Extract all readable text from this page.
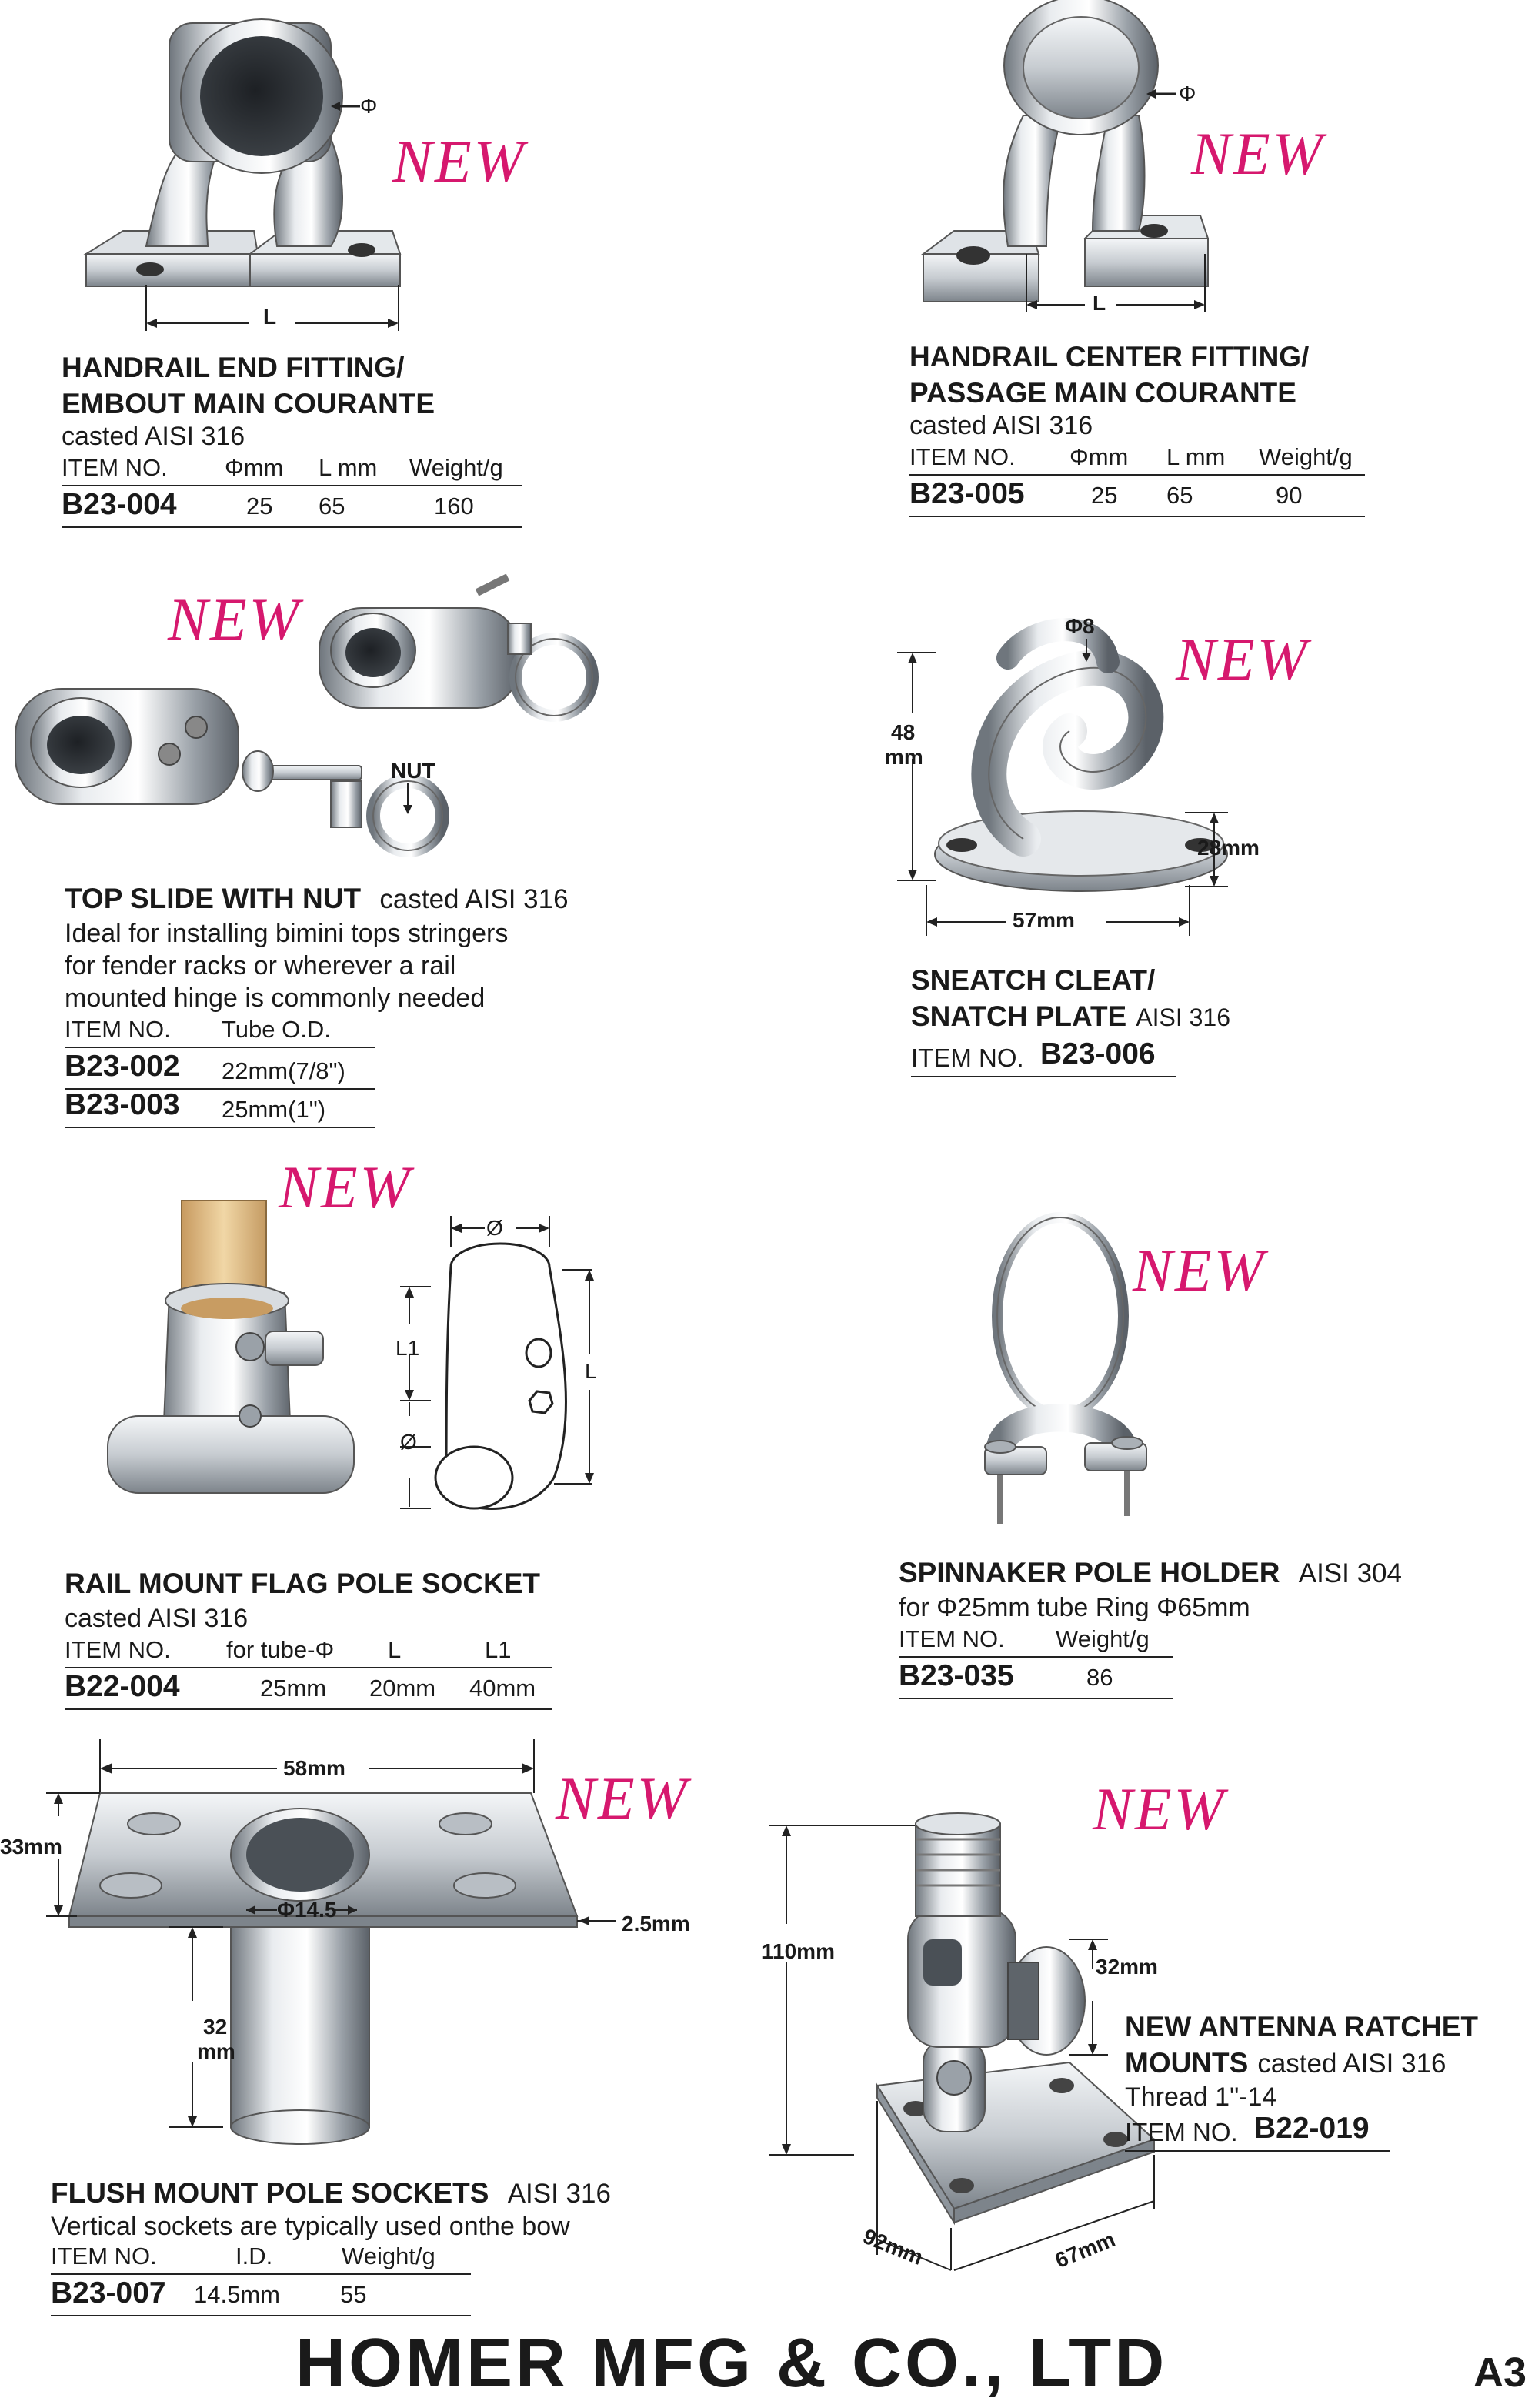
Φ
L
NEW
HANDRAIL END FITTING/
EMBOUT MAIN COURANTE
casted AISI 316
ITEM NO. Φmm L mm Weight/g
B23-004	25 65	160
Φ
L
NEW
HANDRAIL CENTER FITTING/
PASSAGE MAIN COURANTE
casted AISI 316
ITEM NO. Φmm L mm Weight/g
B23-005	25 65	90
NEW
NUT
TOP SLIDE WITH NUT casted AISI 316
Ideal for installing bimini tops stringers
for fender racks or wherever a rail
mounted hinge is commonly needed
ITEM NO. Tube O.D.
B23-002 22mm(7/8")
B23-003 25mm(1")
Φ8
48
mm
28mm
57mm
NEW
SNEATCH CLEAT/
SNATCH PLATE AISI 316
ITEM NO. B23-006
NEW
Ø
L1
Ø
L
RAIL MOUNT FLAG POLE SOCKET
casted AISI 316
ITEM NO. for tube-Φ L	L1
B22-004	25mm 20mm 40mm
NEW
SPINNAKER POLE HOLDER AISI 304
for Φ25mm tube Ring Φ65mm
ITEM NO. Weight/g
B23-035	86
58mm
33mm
Φ14.5
2.5mm
32
mm
NEW
FLUSH MOUNT POLE SOCKETS AISI 316
Vertical sockets are typically used onthe bow
ITEM NO.	I.D.	Weight/g
B23-007 14.5mm	55
NEW
110mm
32mm
92mm	67mm
NEW ANTENNA RATCHET
MOUNTS casted AISI 316
Thread 1"-14
ITEM NO. B22-019
HOMER MFG & CO., LTD	A3
